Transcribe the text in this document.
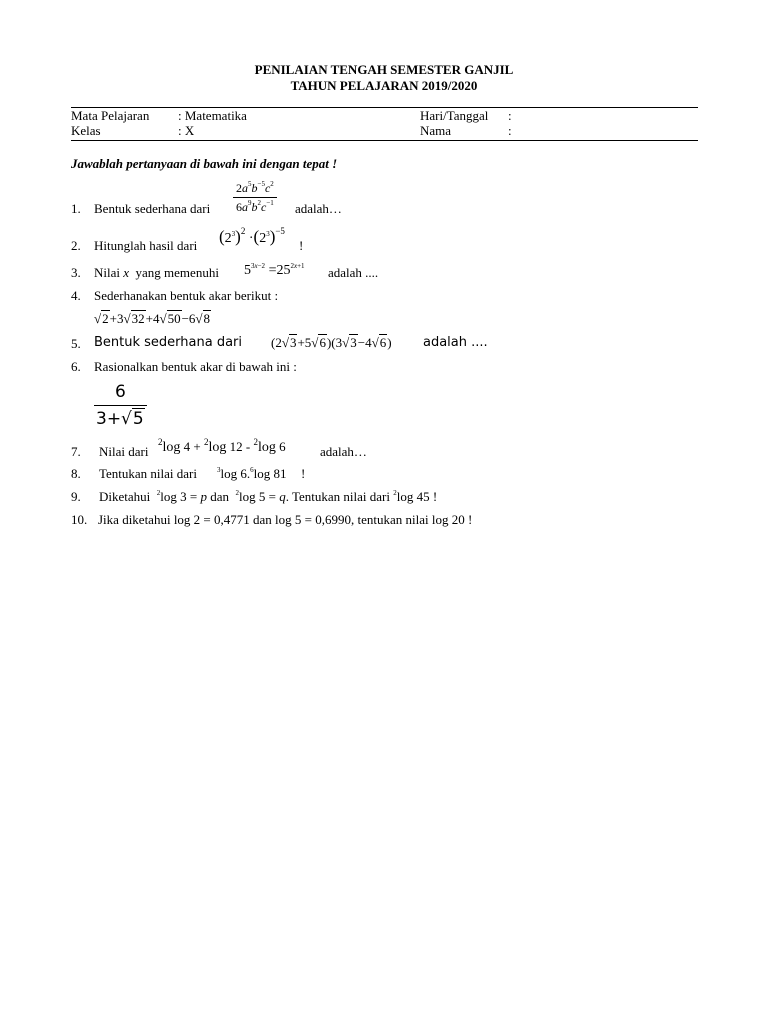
PENILAIAN TENGAH SEMESTER GANJIL
TAHUN PELAJARAN 2019/2020
Mata Pelajaran : Matematika	Hari/Tanggal :
Kelas	: X	Nama	:
Jawablah pertanyaan di bawah ini dengan tepat !
1. Bentuk sederhana dari $\frac{2a^5b^{-5}c^2}{6a^9b^2c^{-1}}$ adalah…
2. Hitunglah hasil dari $(2^3)^2 \cdot(2^3)^{-5}$
!
3. Nilai x yang memenuhi $5^{3x-2} =25^{2x+1}$ adalah ....
4. Sederhanakan bentuk akar berikut :
√2+3√32+4√50−6√8
5. Bentuk sederhana dari (2√3+5√6)(3√3−4√6) adalah ....
6. Rasionalkan bentuk akar di bawah ini :
$\frac{6}{3+√5}$
7. Nilai dari
$^2$log 4 + $^2$log 12 - $^2$log 6	adalah…
8. Tentukan nilai dari	$^3$log 6.$^6$log 81 !
9. Diketahui $^2$log 3 = p dan $^2$log 5 = q. Tentukan nilai dari $^2$log 45 !
10. Jika diketahui log 2 = 0,4771 dan log 5 = 0,6990, tentukan nilai log 20 !
